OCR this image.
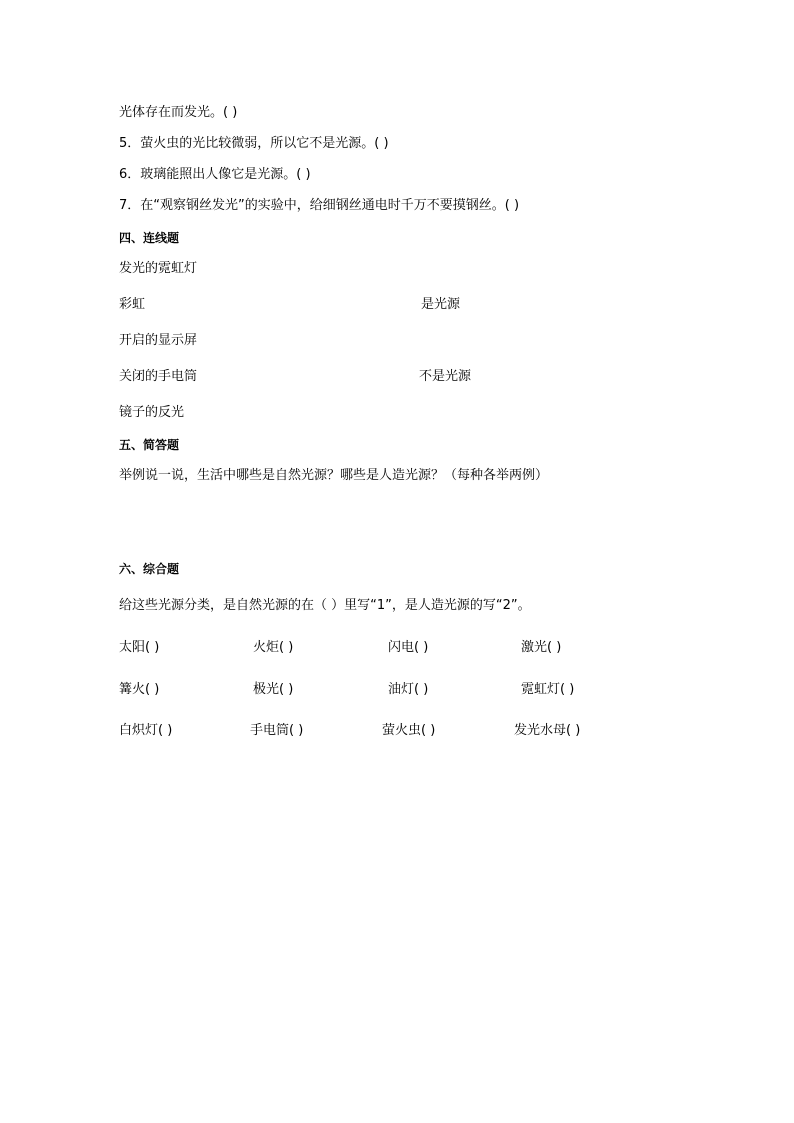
光体存在而发光。( )
5．萤火虫的光比较微弱，所以它不是光源。( )
6．玻璃能照出人像它是光源。( )
7．在“观察钢丝发光”的实验中，给细钢丝通电时千万不要摸钢丝。( )
四、连线题
发光的霓虹灯
彩虹
开启的显示屏
关闭的手电筒
镜子的反光
是光源
不是光源
五、简答题
举例说一说，生活中哪些是自然光源？哪些是人造光源？（每种各举两例）
六、综合题
给这些光源分类，是自然光源的在（ ）里写“1”，是人造光源的写“2”。
太阳( )	火炬( )	闪电( )	激光( )
篝火( )	极光( )	油灯( )	霓虹灯( )
白炽灯( )	手电筒( )	萤火虫( )	发光水母( )
